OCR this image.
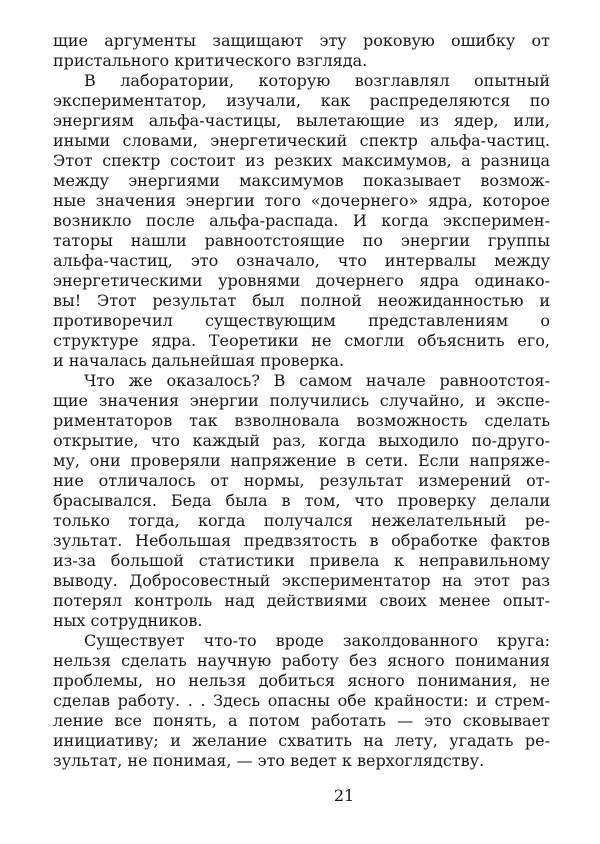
щие аргументы защищают эту роковую ошибку от
пристального критического взгляда.
В лаборатории, которую возглавлял опытный
экспериментатор, изучали, как распределяются по
энергиям альфа-частицы, вылетающие из ядер, или,
иными словами, энергетический спектр альфа-частиц.
Этот спектр состоит из резких максимумов, а разница
между энергиями максимумов показывает возмож-
ные значения энергии того «дочернего» ядра, которое
возникло после альфа-распада. И когда эксперимен-
таторы нашли равноотстоящие по энергии группы
альфа-частиц, это означало, что интервалы между
энергетическими уровнями дочернего ядра одинако-
вы! Этот результат был полной неожиданностью и
противоречил существующим представлениям о
структуре ядра. Теоретики не смогли объяснить его,
и началась дальнейшая проверка.
Что же оказалось? В самом начале равноотстоя-
щие значения энергии получились случайно, и экспе-
риментаторов так взволновала возможность сделать
открытие, что каждый раз, когда выходило по-друго-
му, они проверяли напряжение в сети. Если напряже-
ние отличалось от нормы, результат измерений от-
брасывался. Беда была в том, что проверку делали
только тогда, когда получался нежелательный ре-
зультат. Небольшая предвзятость в обработке фактов
из-за большой статистики привела к неправильному
выводу. Добросовестный экспериментатор на этот раз
потерял контроль над действиями своих менее опыт-
ных сотрудников.
Существует что-то вроде заколдованного круга:
нельзя сделать научную работу без ясного понимания
проблемы, но нельзя добиться ясного понимания, не
сделав работу. . . Здесь опасны обе крайности: и стрем-
ление все понять, а потом работать — это сковывает
инициативу; и желание схватить на лету, угадать ре-
зультат, не понимая, — это ведет к верхоглядству.
21
